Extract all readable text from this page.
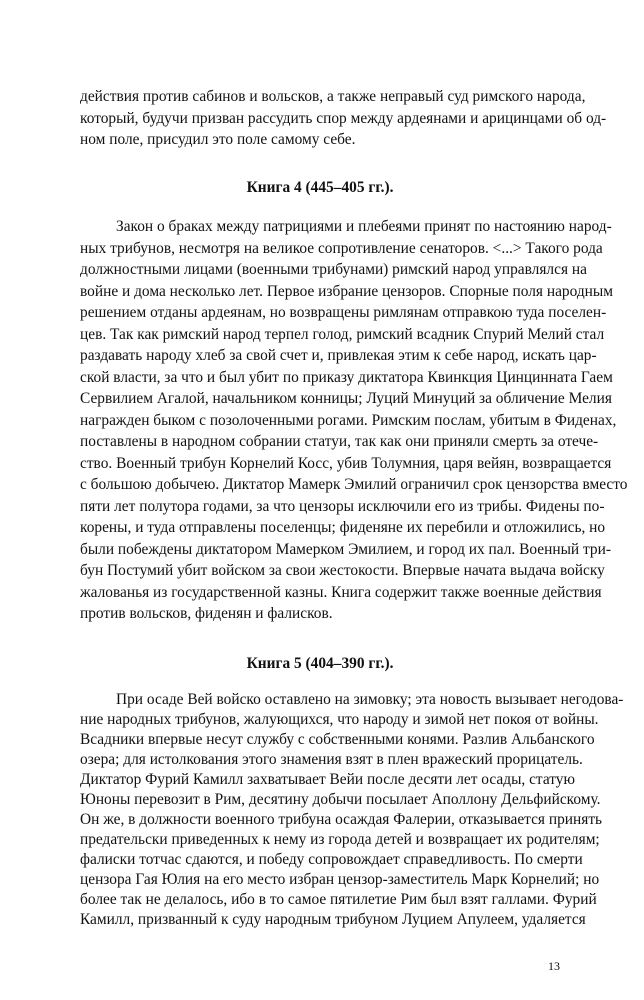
действия против сабинов и вольсков, а также неправый суд римского народа,
который, будучи призван рассудить спор между ардеянами и арицинцами об од-
ном поле, присудил это поле самому себе.
Книга 4 (445–405 гг.).
Закон о браках между патрициями и плебеями принят по настоянию народ-
ных трибунов, несмотря на великое сопротивление сенаторов. <...> Такого рода
должностными лицами (военными трибунами) римский народ управлялся на
войне и дома несколько лет. Первое избрание цензоров. Спорные поля народным
решением отданы ардеянам, но возвращены римлянам отправкою туда поселен-
цев. Так как римский народ терпел голод, римский всадник Спурий Мелий стал
раздавать народу хлеб за свой счет и, привлекая этим к себе народ, искать цар-
ской власти, за что и был убит по приказу диктатора Квинкция Цинцинната Гаем
Сервилием Агалой, начальником конницы; Луций Минуций за обличение Мелия
награжден быком с позолоченными рогами. Римским послам, убитым в Фиденах,
поставлены в народном собрании статуи, так как они приняли смерть за отече-
ство. Военный трибун Корнелий Косс, убив Толумния, царя вейян, возвращается
с большою добычею. Диктатор Мамерк Эмилий ограничил срок цензорства вместо
пяти лет полутора годами, за что цензоры исключили его из трибы. Фидены по-
корены, и туда отправлены поселенцы; фиденяне их перебили и отложились, но
были побеждены диктатором Мамерком Эмилием, и город их пал. Военный три-
бун Постумий убит войском за свои жестокости. Впервые начата выдача войску
жалованья из государственной казны. Книга содержит также военные действия
против вольсков, фиденян и фалисков.
Книга 5 (404–390 гг.).
При осаде Вей войско оставлено на зимовку; эта новость вызывает негодова-
ние народных трибунов, жалующихся, что народу и зимой нет покоя от войны.
Всадники впервые несут службу с собственными конями. Разлив Альбанского
озера; для истолкования этого знамения взят в плен вражеский прорицатель.
Диктатор Фурий Камилл захватывает Вейи после десяти лет осады, статую
Юноны перевозит в Рим, десятину добычи посылает Аполлону Дельфийскому.
Он же, в должности военного трибуна осаждая Фалерии, отказывается принять
предательски приведенных к нему из города детей и возвращает их родителям;
фалиски тотчас сдаются, и победу сопровождает справедливость. По смерти
цензора Гая Юлия на его место избран цензор-заместитель Марк Корнелий; но
более так не делалось, ибо в то самое пятилетие Рим был взят галлами. Фурий
Камилл, призванный к суду народным трибуном Луцием Апулеем, удаляется
13
